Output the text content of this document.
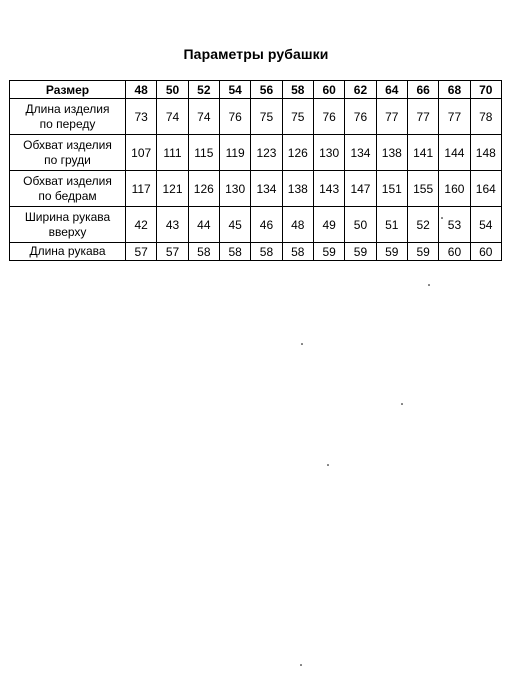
Параметры рубашки
Размер	48	50	52	54	56	58	60	62	64	66	68	70
Длина изделия
по переду	73	74	74	76	75	75	76	76	77	77	77	78
Обхват изделия
по груди	107	111	115	119	123	126	130	134	138	141	144	148
Обхват изделия
по бедрам	117	121	126	130	134	138	143	147	151	155	160	164
Ширина рукава
вверху	42	43	44	45	46	48	49	50	51	52	53	54
Длина рукава	57	57	58	58	58	58	59	59	59	59	60	60
